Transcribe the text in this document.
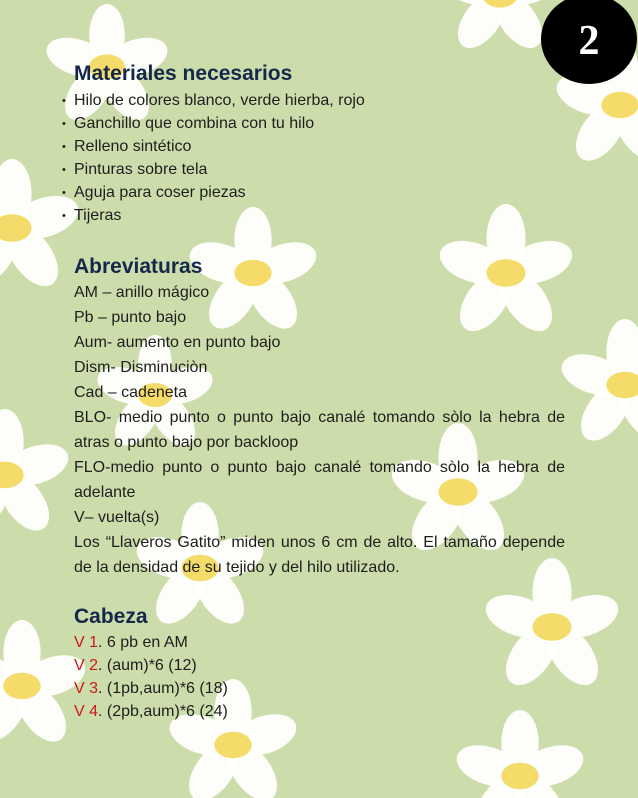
2
Materiales necesarios
• Hilo de colores blanco, verde hierba, rojo
• Ganchillo que combina con tu hilo
• Relleno sintético
• Pinturas sobre tela
• Aguja para coser piezas
• Tijeras
Abreviaturas
AM – anillo mágico
Pb – punto bajo
Aum- aumento en punto bajo
Dism- Disminuciòn
Cad – cadeneta

BLO- medio punto o punto bajo canalé tomando sòlo la hebra de atras o punto bajo por backloop

FLO-medio punto o punto bajo canalé tomando sòlo la hebra de adelante

V– vuelta(s)

Los “Llaveros Gatito” miden unos 6 cm de alto. El tamaño depende de la densidad de su tejido y del hilo utilizado.

Cabeza
V 1. 6 pb en AM
V 2. (aum)*6 (12)
V 3. (1pb,aum)*6 (18)
V 4. (2pb,aum)*6 (24)
